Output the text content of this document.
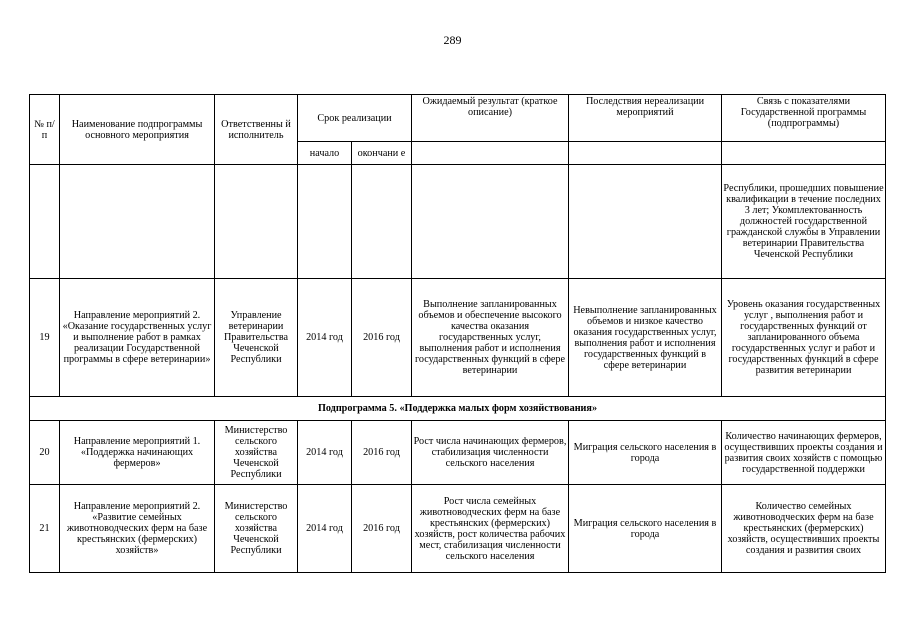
289
№ п/п	Наименование подпрограммы основного мероприятия	Ответственны й исполнитель	Срок реализации		Ожидаемый результат (краткое описание)	Последствия нереализации мероприятий	Связь с показателями Государственной программы (подпрограммы)
			начало	окончани е			
							Республики, прошедших повышение квалификации в течение последних 3 лет; Укомплектованность должностей государственной гражданской службы в Управлении ветеринарии Правительства Чеченской Республики
19	Направление мероприятий 2. «Оказание государственных услуг и выполнение работ в рамках реализации Государственной программы в сфере ветеринарии»	Управление ветеринарии Правительства Чеченской Республики	2014 год	2016 год	Выполнение запланированных объемов и обеспечение высокого качества оказания государственных услуг, выполнения работ и исполнения государственных функций в сфере ветеринарии	Невыполнение запланированных объемов и низкое качество оказания государственных услуг, выполнения работ и исполнения государственных функций в сфере ветеринарии	Уровень оказания государственных услуг , выполнения работ и государственных функций от запланированного объема государственных услуг и работ и государственных функций в сфере развития ветеринарии
Подпрограмма 5. «Поддержка малых форм хозяйствования»							
20	Направление мероприятий 1. «Поддержка начинающих фермеров»	Министерство сельского хозяйства Чеченской Республики	2014 год	2016 год	Рост числа начинающих фермеров, стабилизация численности сельского населения	Миграция сельского населения в города	Количество начинающих фермеров, осуществивших проекты создания и развития своих хозяйств с помощью государственной поддержки
21	Направление мероприятий 2. «Развитие семейных животноводческих ферм на базе крестьянских (фермерских) хозяйств»	Министерство сельского хозяйства Чеченской Республики	2014 год	2016 год	Рост числа семейных животноводческих ферм на базе крестьянских (фермерских) хозяйств, рост количества рабочих мест, стабилизация численности сельского населения	Миграция сельского населения в города	Количество семейных животноводческих ферм на базе крестьянских (фермерских) хозяйств, осуществивших проекты создания и развития своих
